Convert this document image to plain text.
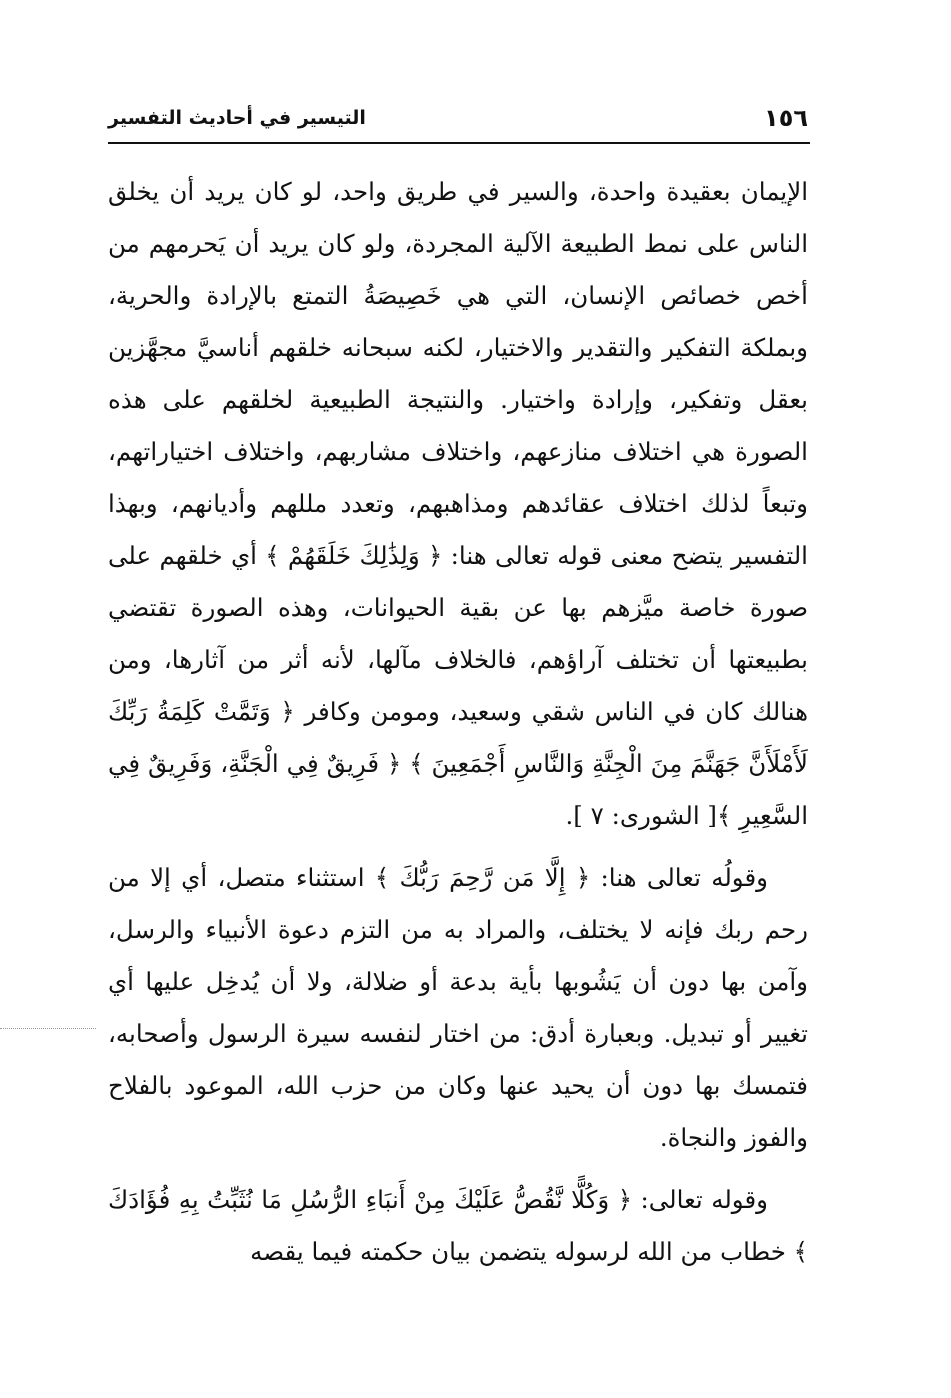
١٥٦
التيسير في أحاديث التفسير

الإيمان بعقيدة واحدة، والسير في طريق واحد، لو كان يريد أن يخلق الناس على نمط الطبيعة الآلية المجردة، ولو كان يريد أن يَحرمهم من أخص خصائص الإنسان، التي هي خَصِيصَةُ التمتع بالإرادة والحرية، وبملكة التفكير والتقدير والاختيار، لكنه سبحانه خلقهم أناسيَّ مجهَّزين بعقل وتفكير، وإرادة واختيار. والنتيجة الطبيعية لخلقهم على هذه الصورة هي اختلاف منازعهم، واختلاف مشاربهم، واختلاف اختياراتهم، وتبعاً لذلك اختلاف عقائدهم ومذاهبهم، وتعدد مللهم وأديانهم، وبهذا التفسير يتضح معنى قوله تعالى هنا: ﴿ وَلِذَٰلِكَ خَلَقَهُمْ ﴾ أي خلقهم على صورة خاصة ميَّزهم بها عن بقية الحيوانات، وهذه الصورة تقتضي بطبيعتها أن تختلف آراؤهم، فالخلاف مآلها، لأنه أثر من آثارها، ومن هنالك كان في الناس شقي وسعيد، ومومن وكافر ﴿ وَتَمَّتْ كَلِمَةُ رَبِّكَ لَأَمْلَأَنَّ جَهَنَّمَ مِنَ الْجِنَّةِ وَالنَّاسِ أَجْمَعِينَ ﴾ ﴿ فَرِيقٌ فِي الْجَنَّةِ، وَفَرِيقٌ فِي السَّعِيرِ ﴾[ الشورى: ٧ ].

وقولُه تعالى هنا: ﴿ إِلَّا مَن رَّحِمَ رَبُّكَ ﴾ استثناء متصل، أي إلا من رحم ربك فإنه لا يختلف، والمراد به من التزم دعوة الأنبياء والرسل، وآمن بها دون أن يَشُوبها بأية بدعة أو ضلالة، ولا أن يُدخِل عليها أي تغيير أو تبديل. وبعبارة أدق: من اختار لنفسه سيرة الرسول وأصحابه، فتمسك بها دون أن يحيد عنها وكان من حزب الله، الموعود بالفلاح والفوز والنجاة.

وقوله تعالى: ﴿ وَكُلًّا نَّقُصُّ عَلَيْكَ مِنْ أَنبَاءِ الرُّسُلِ مَا نُثَبِّتُ بِهِ فُؤَادَكَ ﴾ خطاب من الله لرسوله يتضمن بيان حكمته فيما يقصه
